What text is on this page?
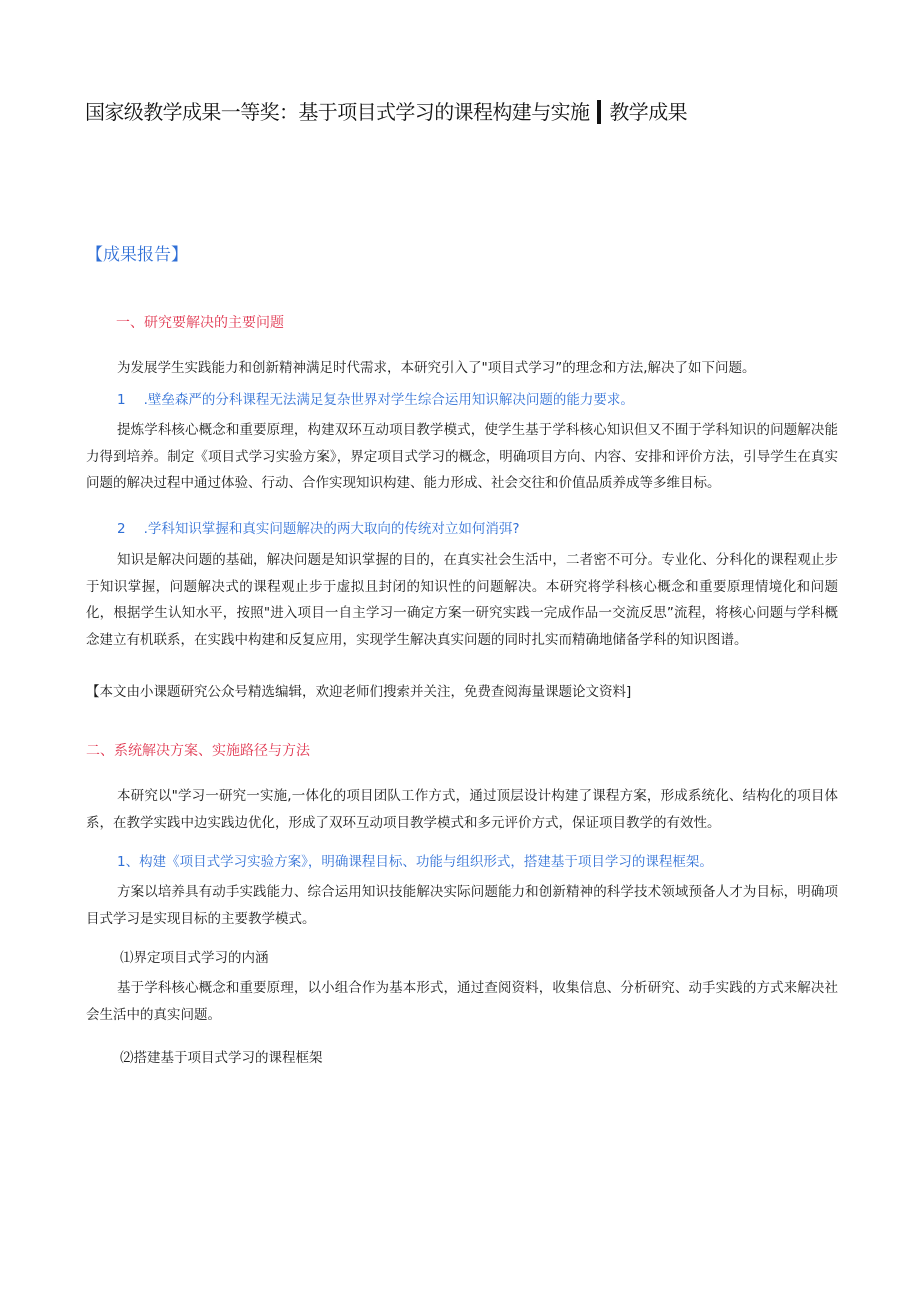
国家级教学成果一等奖：基于项目式学习的课程构建与实施 教学成果
【成果报告】
一、研究要解决的主要问题
为发展学生实践能力和创新精神满足时代需求，本研究引入了"项目式学习”的理念和方法,解决了如下问题。
1 .壁垒森严的分科课程无法满足复杂世界对学生综合运用知识解决问题的能力要求。
提炼学科核心概念和重要原理，构建双环互动项目教学模式，使学生基于学科核心知识但又不囿于学科知识的问题解决能力得到培养。制定《项目式学习实验方案》，界定项目式学习的概念，明确项目方向、内容、安排和评价方法，引导学生在真实问题的解决过程中通过体验、行动、合作实现知识构建、能力形成、社会交往和价值品质养成等多维目标。
2 .学科知识掌握和真实问题解决的两大取向的传统对立如何消弭?
知识是解决问题的基础，解决问题是知识掌握的目的，在真实社会生活中，二者密不可分。专业化、分科化的课程观止步于知识掌握，问题解决式的课程观止步于虚拟且封闭的知识性的问题解决。本研究将学科核心概念和重要原理情境化和问题化，根据学生认知水平，按照"进入项目一自主学习一确定方案一研究实践一完成作品一交流反思”流程，将核心问题与学科概念建立有机联系，在实践中构建和反复应用，实现学生解决真实问题的同时扎实而精确地储备学科的知识图谱。
【本文由小课题研究公众号精选编辑，欢迎老师们搜索并关注，免费查阅海量课题论文资料]
二、系统解决方案、实施路径与方法
本研究以"学习一研究一实施,一体化的项目团队工作方式，通过顶层设计构建了课程方案，形成系统化、结构化的项目体系，在教学实践中边实践边优化，形成了双环互动项目教学模式和多元评价方式，保证项目教学的有效性。
1、构建《项目式学习实验方案》，明确课程目标、功能与组织形式，搭建基于项目学习的课程框架。
方案以培养具有动手实践能力、综合运用知识技能解决实际问题能力和创新精神的科学技术领域预备人才为目标，明确项目式学习是实现目标的主要教学模式。
⑴界定项目式学习的内涵
基于学科核心概念和重要原理，以小组合作为基本形式，通过查阅资料，收集信息、分析研究、动手实践的方式来解决社会生活中的真实问题。
⑵搭建基于项目式学习的课程框架
